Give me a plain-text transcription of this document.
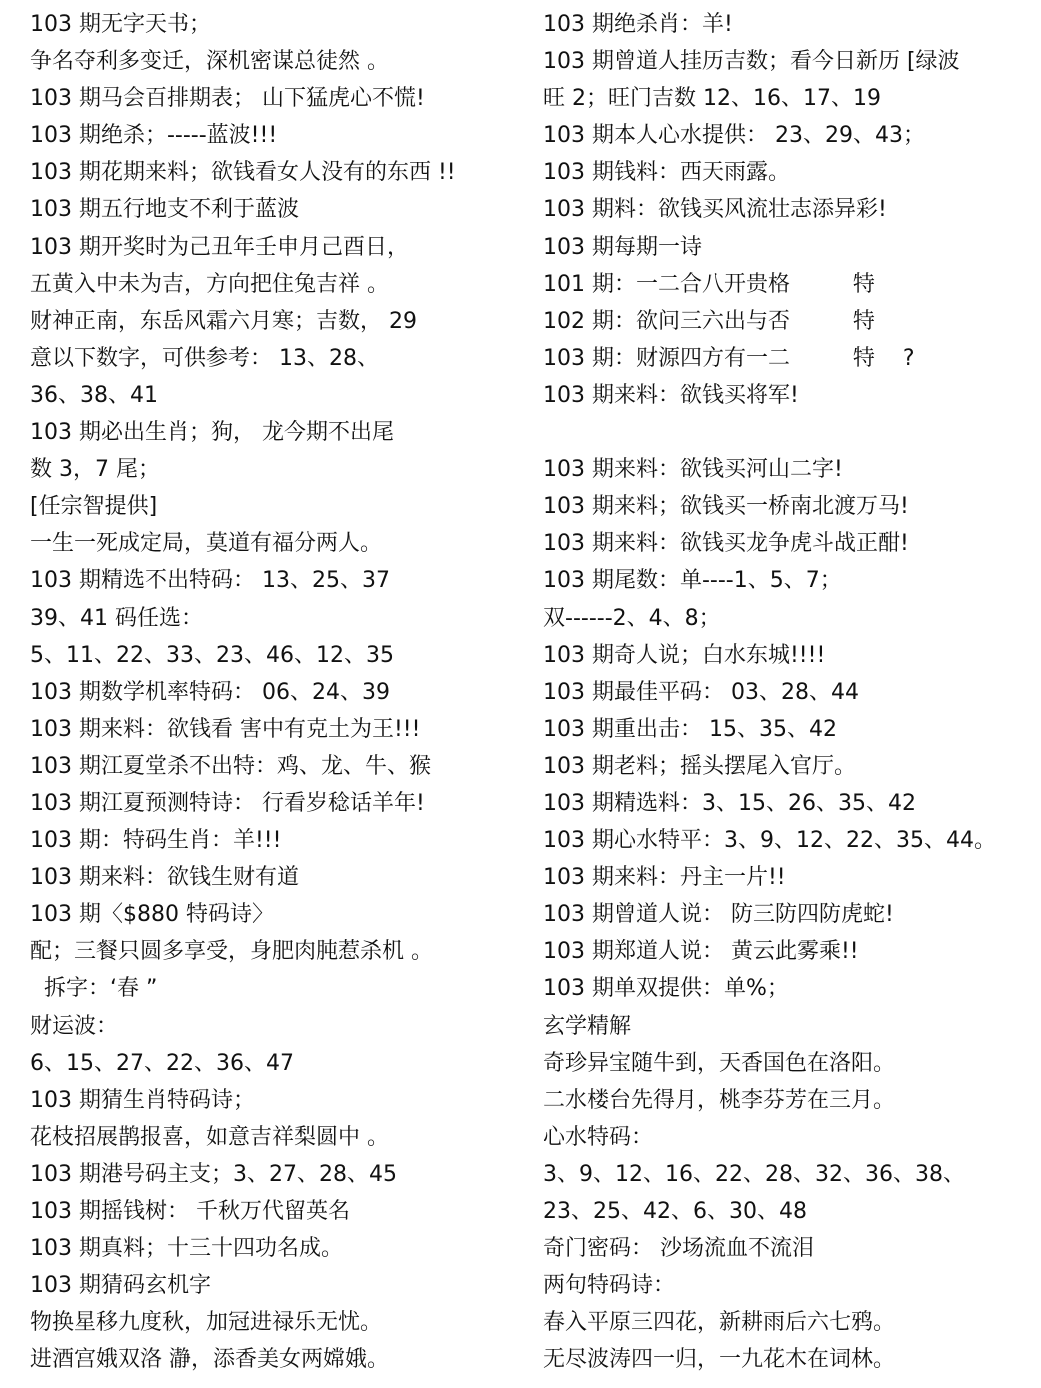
103 期无字天书；
争名夺利多变迁，深机密谋总徒然 。
103 期马会百排期表； 山下猛虎心不慌!
103 期绝杀；-----蓝波!!!
103 期花期来料；欲钱看女人没有的东西 !!
103 期五行地支不利于蓝波
103 期开奖时为己丑年壬申月己酉日，
五黄入中未为吉，方向把住兔吉祥 。
财神正南，东岳风霜六月寒；吉数， 29
意以下数字，可供参考： 13、28、
36、38、41
103 期必出生肖；狗， 龙今期不出尾
数 3，7 尾；
[任宗智提供]
一生一死成定局，莫道有福分两人。
103 期精选不出特码： 13、25、37
39、41 码任选：
5、11、22、33、23、46、12、35
103 期数学机率特码： 06、24、39
103 期来料：欲钱看 害中有克土为王!!!
103 期江夏堂杀不出特：鸡、龙、牛、猴
103 期江夏预测特诗： 行看岁稔话羊年!
103 期：特码生肖：羊!!!
103 期来料：欲钱生财有道
103 期〈$880 特码诗〉
配；三餐只圆多享受，身肥肉肫惹杀机 。
拆字：‘春 ”
财运波：
6、15、27、22、36、47
103 期猜生肖特码诗；
花枝招展鹊报喜，如意吉祥梨圆中 。
103 期港号码主支；3、27、28、45
103 期摇钱树： 千秋万代留英名
103 期真料；十三十四功名成。
103 期猜码玄机字
物换星移九度秋，加冠进禄乐无忧。
进酒宫娥双洛 瀞，添香美女两嫦娥。
103 期绝杀肖：羊!
103 期曾道人挂历吉数；看今日新历 [绿波
旺 2；旺门吉数 12、16、17、19
103 期本人心水提供： 23、29、43；
103 期钱料：西天雨露。
103 期料：欲钱买风流壮志添异彩!
103 期每期一诗
101 期：一二合八开贵格         特
102 期：欲问三六出与否         特
103 期：财源四方有一二         特    ?
103 期来料：欲钱买将军!
103 期来料：欲钱买河山二字!
103 期来料；欲钱买一桥南北渡万马!
103 期来料：欲钱买龙争虎斗战正酣!
103 期尾数：单----1、5、7；
双------2、4、8；
103 期奇人说；白水东城!!!!
103 期最佳平码： 03、28、44
103 期重出击： 15、35、42
103 期老料；摇头摆尾入官厅。
103 期精选料：3、15、26、35、42
103 期心水特平：3、9、12、22、35、44。
103 期来料：丹主一片!!
103 期曾道人说： 防三防四防虎蛇!
103 期郑道人说： 黄云此雾乘!!
103 期单双提供：单%；
玄学精解
奇珍异宝随牛到，天香国色在洛阳。
二水楼台先得月，桃李芬芳在三月。
心水特码：
3、9、12、16、22、28、32、36、38、
23、25、42、6、30、48
奇门密码： 沙场流血不流泪
两句特码诗：
春入平原三四花，新耕雨后六七鸦。
无尽波涛四一归，一九花木在词林。
